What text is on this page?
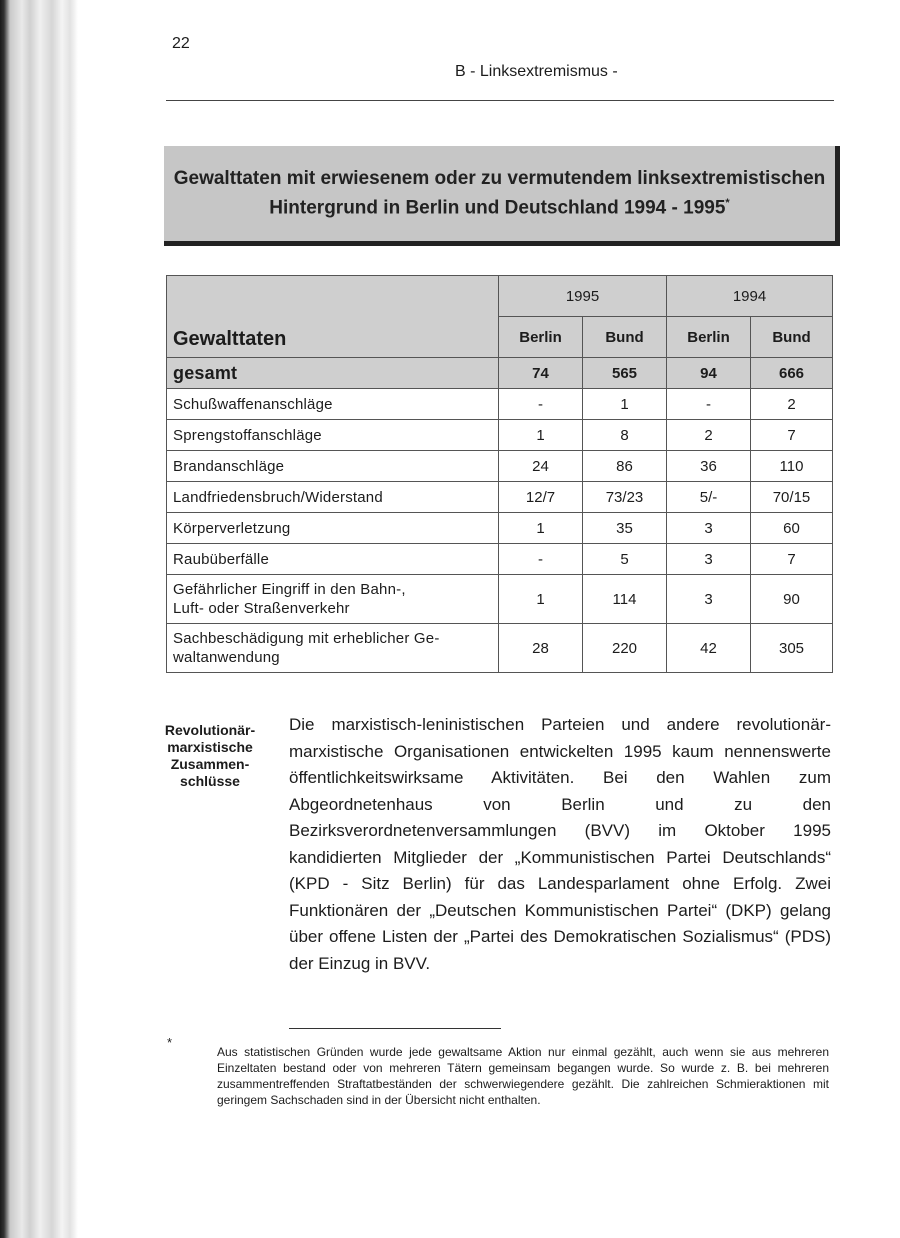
22
B - Linksextremismus -
Gewalttaten mit erwiesenem oder zu vermutendem linksextremistischen
Hintergrund in Berlin und Deutschland 1994 - 1995*
Gewalttaten	1995		1994	
	Berlin	Bund	Berlin	Bund
gesamt	74	565	94	666
Schußwaffenanschläge	-	1	-	2
Sprengstoffanschläge	1	8	2	7
Brandanschläge	24	86	36	110
Landfriedensbruch/Widerstand	12/7	73/23	5/-	70/15
Körperverletzung	1	35	3	60
Raubüberfälle	-	5	3	7
Gefährlicher Eingriff in den Bahn-,
Luft- oder Straßenverkehr	1	114	3	90
Sachbeschädigung mit erheblicher Ge-
waltanwendung	28	220	42	305
Revolutionär-
marxistische
Zusammen-
schlüsse
Die marxistisch-leninistischen Parteien und andere revolutionär-marxistische Organisationen entwickelten 1995 kaum nennenswerte öffentlichkeitswirksame Aktivitäten. Bei den Wahlen zum Abgeordnetenhaus von Berlin und zu den Bezirksverordnetenversammlungen (BVV) im Oktober 1995 kandidierten Mitglieder der „Kommunistischen Partei Deutschlands“ (KPD - Sitz Berlin) für das Landesparlament ohne Erfolg. Zwei Funktionären der „Deutschen Kommunistischen Partei“ (DKP) gelang über offene Listen der „Partei des Demokratischen Sozialismus“ (PDS) der Einzug in BVV.
*
Aus statistischen Gründen wurde jede gewaltsame Aktion nur einmal gezählt, auch wenn sie aus mehreren Einzeltaten bestand oder von mehreren Tätern gemeinsam begangen wurde. So wurde z. B. bei mehreren zusammentreffenden Straftatbeständen der schwerwiegendere gezählt. Die zahlreichen Schmieraktionen mit geringem Sachschaden sind in der Übersicht nicht enthalten.
